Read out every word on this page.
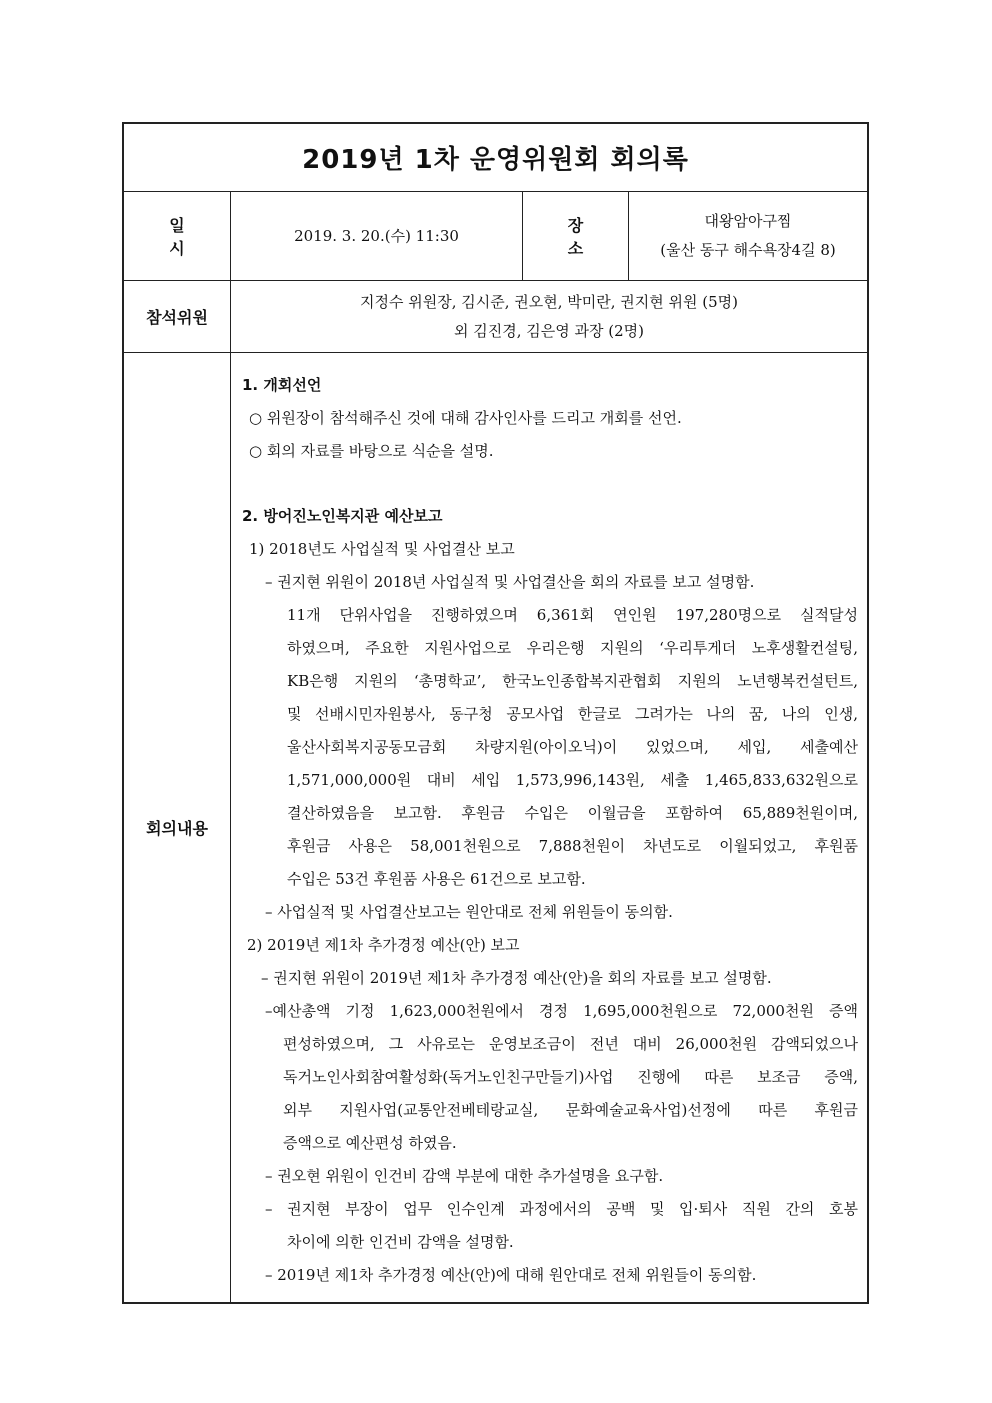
2019년 1차 운영위원회 회의록
일 시
2019. 3. 20.(수) 11:30
장 소
대왕암아구찜
(울산 동구 해수욕장4길 8)
참석위원
지정수 위원장, 김시준, 권오현, 박미란, 권지현 위원 (5명)
외 김진경, 김은영 과장 (2명)
회의내용
1. 개회선언
○ 위원장이 참석해주신 것에 대해 감사인사를 드리고 개회를 선언.
○ 회의 자료를 바탕으로 식순을 설명.
2. 방어진노인복지관 예산보고
1) 2018년도 사업실적 및 사업결산 보고
– 권지현 위원이 2018년 사업실적 및 사업결산을 회의 자료를 보고 설명함.
11개 단위사업을 진행하였으며 6,361회 연인원 197,280명으로 실적달성
하였으며, 주요한 지원사업으로 우리은행 지원의 ‘우리투게더 노후생활컨설팅,
KB은행 지원의 ‘총명학교’, 한국노인종합복지관협회 지원의 노년행복컨설턴트,
및 선배시민자원봉사, 동구청 공모사업 한글로 그려가는 나의 꿈, 나의 인생,
울산사회복지공동모금회 차량지원(아이오닉)이 있었으며, 세입, 세출예산
1,571,000,000원 대비 세입 1,573,996,143원, 세출 1,465,833,632원으로
결산하였음을 보고함. 후원금 수입은 이월금을 포함하여 65,889천원이며,
후원금 사용은 58,001천원으로 7,888천원이 차년도로 이월되었고, 후원품
수입은 53건 후원품 사용은 61건으로 보고함.
– 사업실적 및 사업결산보고는 원안대로 전체 위원들이 동의함.
2) 2019년 제1차 추가경정 예산(안) 보고
– 권지현 위원이 2019년 제1차 추가경정 예산(안)을 회의 자료를 보고 설명함.
–예산총액 기정 1,623,000천원에서 경정 1,695,000천원으로 72,000천원 증액
편성하였으며, 그 사유로는 운영보조금이 전년 대비 26,000천원 감액되었으나
독거노인사회참여활성화(독거노인친구만들기)사업 진행에 따른 보조금 증액,
외부 지원사업(교통안전베테랑교실, 문화예술교육사업)선정에 따른 후원금
증액으로 예산편성 하였음.
– 권오현 위원이 인건비 감액 부분에 대한 추가설명을 요구함.
– 권지현 부장이 업무 인수인계 과정에서의 공백 및 입·퇴사 직원 간의 호봉
차이에 의한 인건비 감액을 설명함.
– 2019년 제1차 추가경정 예산(안)에 대해 원안대로 전체 위원들이 동의함.
